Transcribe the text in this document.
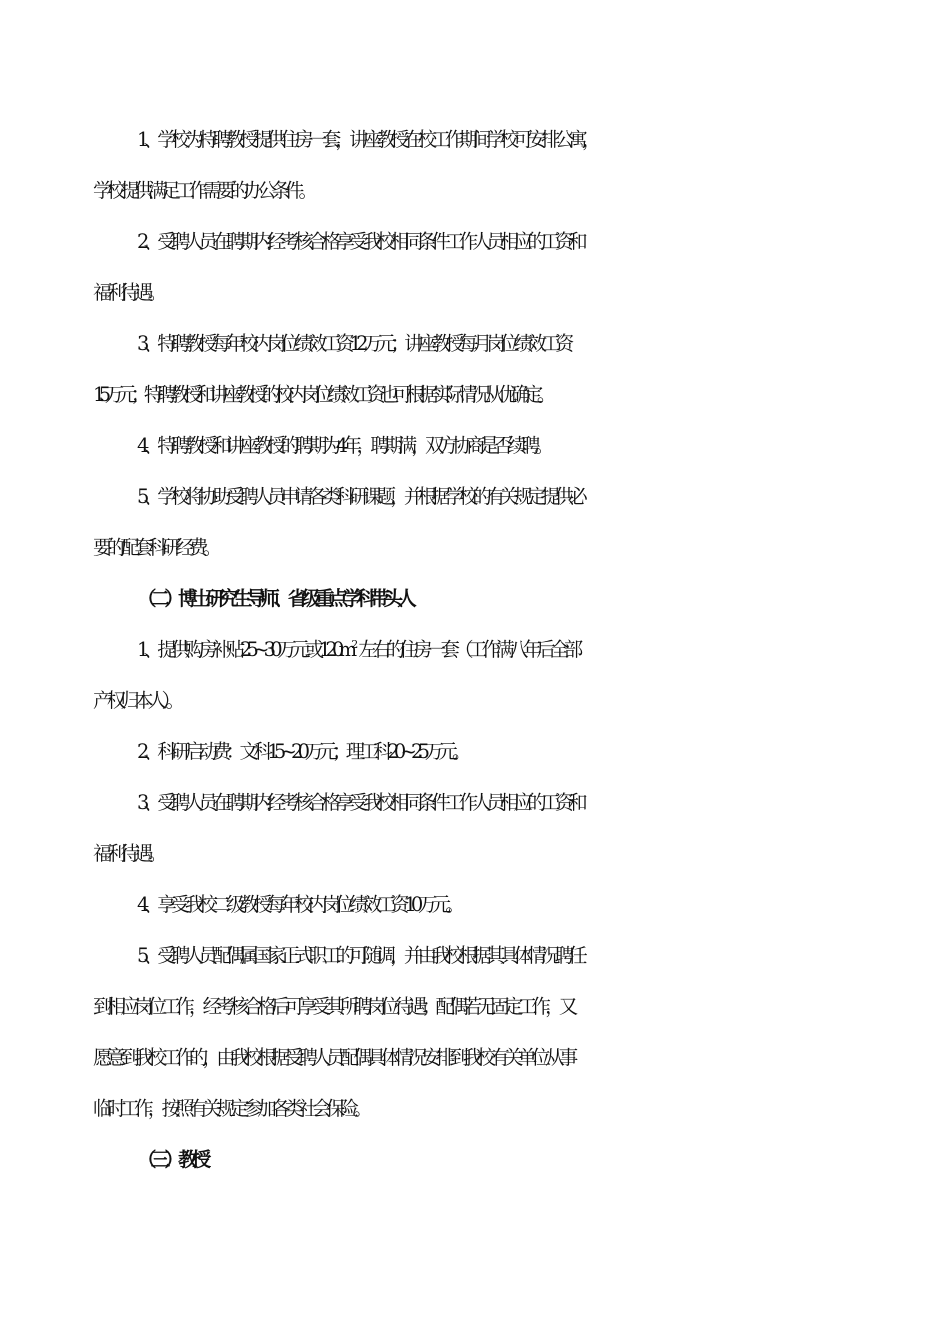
1、学校为特聘教授提供住房一套，讲座教授在校工作期间学校可安排公寓，
学校提供满足工作需要的办公条件。
2、受聘人员在聘期内经考核合格享受我校相同条件工作人员相应的工资和
福利待遇。
3、特聘教授每年校内岗位绩效工资 12 万元；讲座教授每月岗位绩效工资
1.5 万元；特聘教授和讲座教授的校内岗位绩效工资也可根据实际情况从优确定。
4、特聘教授和讲座教授的聘期为 4 年，聘期满，双方协商是否续聘。
5、学校将协助受聘人员申请各类科研课题，并根据学校的有关规定提供必
要的配套科研经费。
（二）博士研究生导师、省级重点学科带头人
1、提供购房补贴 25~30 万元或 $120m^2$左右的住房一套（工作满八年后全部
产权归本人）。
2、科研启动费：文科 15~20 万元；理工科 20~25 万元。
3、受聘人员在聘期内经考核合格享受我校相同条件工作人员相应的工资和
福利待遇。
4、享受我校二级教授每年校内岗位绩效工资 10 万元。
5、受聘人员配偶属国家正式职工的可随调，并由我校根据其具体情况聘任
到相应岗位工作，经考核合格后可享受其所聘岗位待遇；配偶若无固定工作，又
愿意到我校工作的，由我校根据受聘人员配偶具体情况安排到我校有关单位从事
临时工作，按照有关规定参加各类社会保险。
（三）教授
